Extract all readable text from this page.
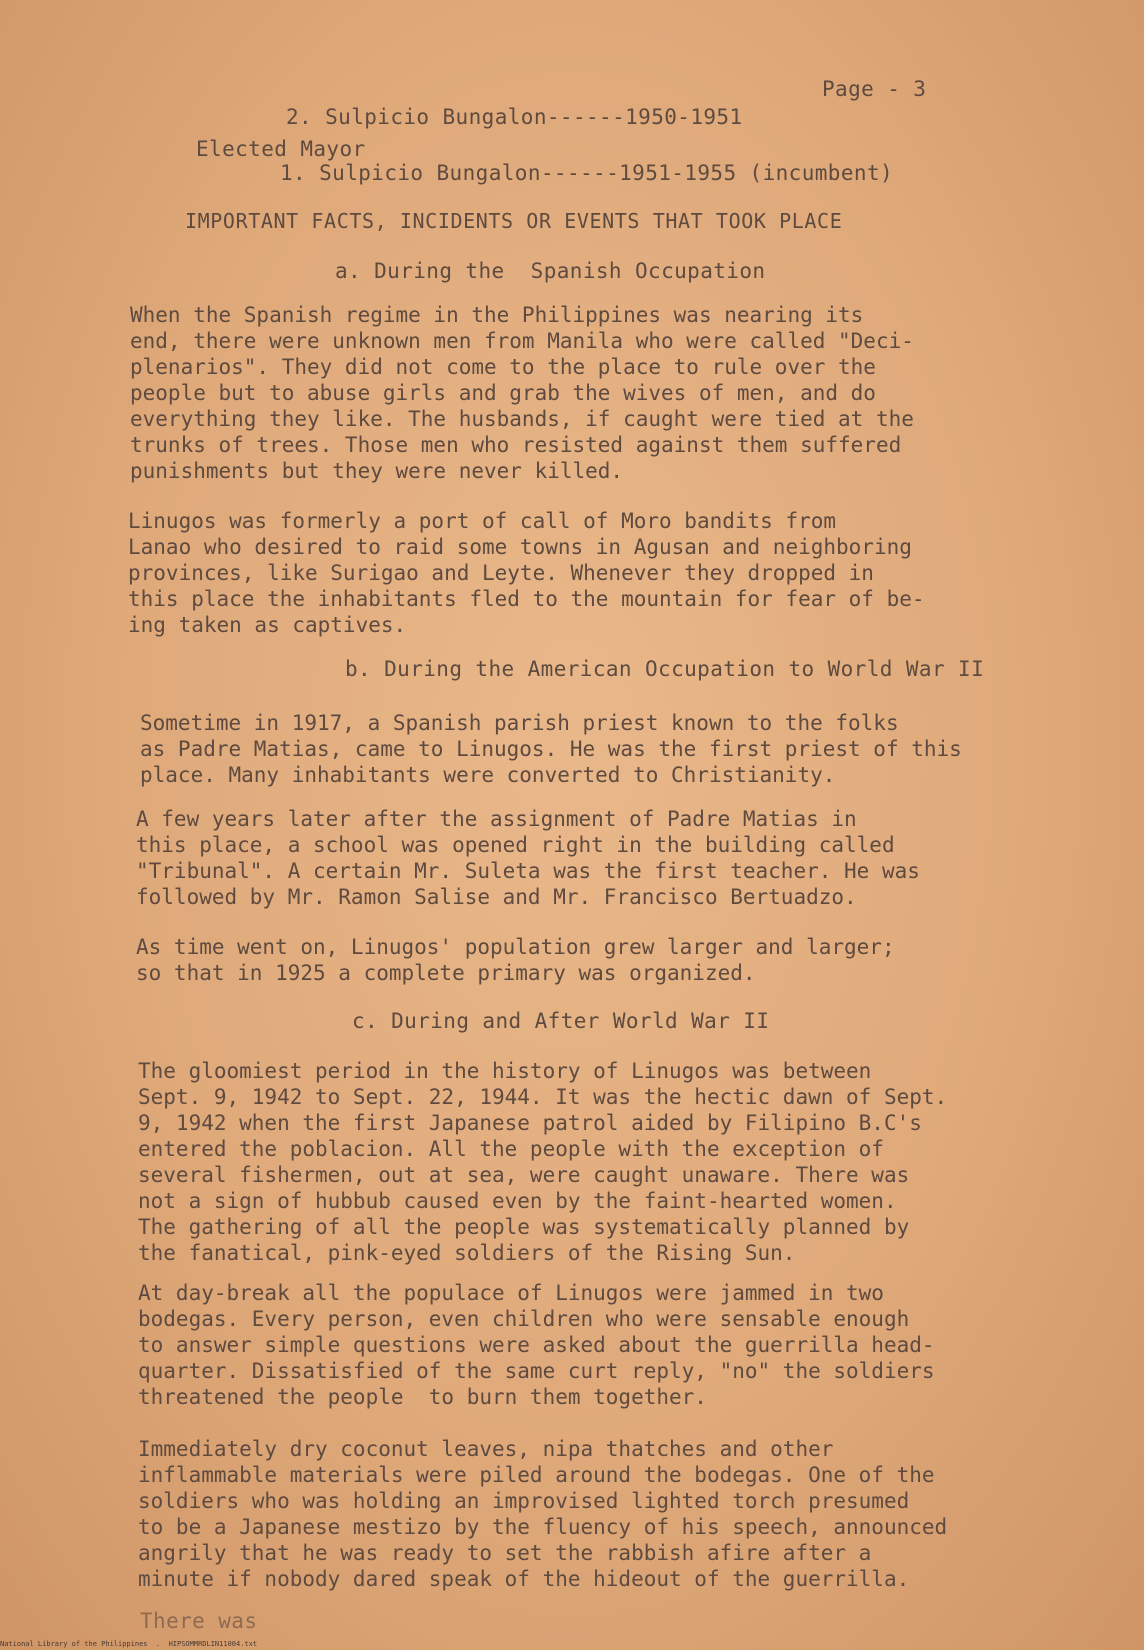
Page - 3
2. Sulpicio Bungalon------1950-1951
Elected Mayor
1. Sulpicio Bungalon------1951-1955 (incumbent)
IMPORTANT FACTS, INCIDENTS OR EVENTS THAT TOOK PLACE
a. During the  Spanish Occupation
When the Spanish regime in the Philippines was nearing its
end, there were unknown men from Manila who were called "Deci-
plenarios". They did not come to the place to rule over the
people but to abuse girls and grab the wives of men, and do
everything they like. The husbands, if caught were tied at the
trunks of trees. Those men who resisted against them suffered
punishments but they were never killed.
Linugos was formerly a port of call of Moro bandits from
Lanao who desired to raid some towns in Agusan and neighboring
provinces, like Surigao and Leyte. Whenever they dropped in
this place the inhabitants fled to the mountain for fear of be-
ing taken as captives.
b. During the American Occupation to World War II
Sometime in 1917, a Spanish parish priest known to the folks
as Padre Matias, came to Linugos. He was the first priest of this
place. Many inhabitants were converted to Christianity.
A few years later after the assignment of Padre Matias in
this place, a school was opened right in the building called
"Tribunal". A certain Mr. Suleta was the first teacher. He was
followed by Mr. Ramon Salise and Mr. Francisco Bertuadzo.
As time went on, Linugos' population grew larger and larger;
so that in 1925 a complete primary was organized.
c. During and After World War II
The gloomiest period in the history of Linugos was between
Sept. 9, 1942 to Sept. 22, 1944. It was the hectic dawn of Sept.
9, 1942 when the first Japanese patrol aided by Filipino B.C's
entered the poblacion. All the people with the exception of
several fishermen, out at sea, were caught unaware. There was
not a sign of hubbub caused even by the faint-hearted women.
The gathering of all the people was systematically planned by
the fanatical, pink-eyed soldiers of the Rising Sun.
At day-break all the populace of Linugos were jammed in two
bodegas. Every person, even children who were sensable enough
to answer simple questions were asked about the guerrilla head-
quarter. Dissatisfied of the same curt reply, "no" the soldiers
threatened the people  to burn them together.
Immediately dry coconut leaves, nipa thatches and other
inflammable materials were piled around the bodegas. One of the
soldiers who was holding an improvised lighted torch presumed
to be a Japanese mestizo by the fluency of his speech, announced
angrily that he was ready to set the rabbish afire after a
minute if nobody dared speak of the hideout of the guerrilla.
There was
National Library of the Philippines  .  HIPSOMMRDLIN11004.txt
